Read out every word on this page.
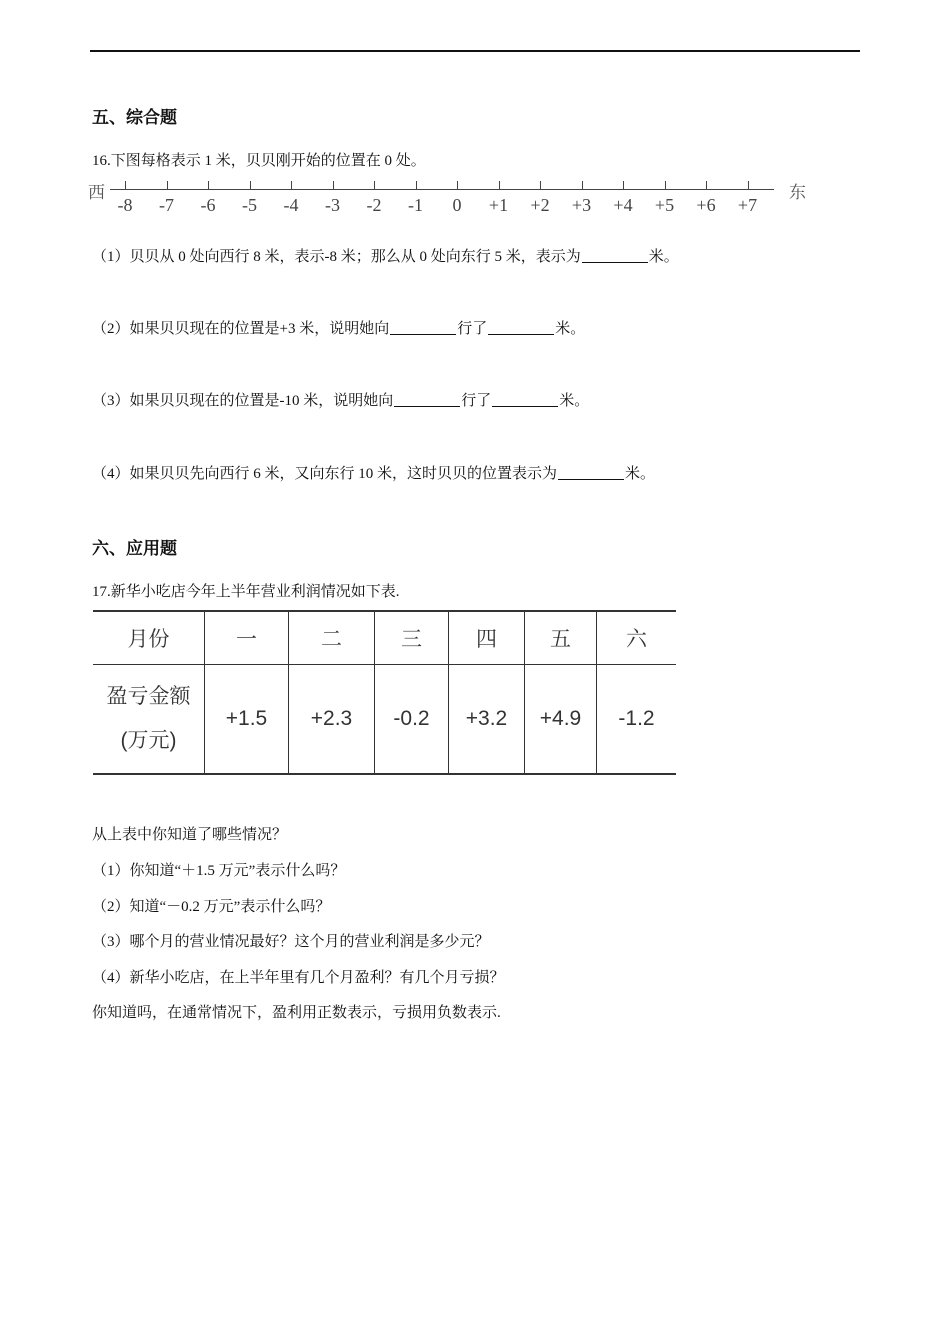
五、综合题
16.下图每格表示 1 米，贝贝刚开始的位置在 0 处。
西	东
-8 -7 -6 -5 -4 -3 -2 -1 0 +1 +2 +3 +4 +5 +6 +7
（1）贝贝从 0 处向西行 8 米，表示-8 米；那么从 0 处向东行 5 米，表示为	米。
（2）如果贝贝现在的位置是+3 米，说明她向	行了	米。
（3）如果贝贝现在的位置是-10 米，说明她向	行了	米。
（4）如果贝贝先向西行 6 米，又向东行 10 米，这时贝贝的位置表示为	米。
六、应用题
17.新华小吃店今年上半年营业利润情况如下表.
月份	一	二	三	四	五	六

盈亏金额
(万元)	+1.5	+2.3	-0.2	+3.2	+4.9	-1.2
从上表中你知道了哪些情况？
（1）你知道“＋1.5 万元”表示什么吗？
（2）知道“－0.2 万元”表示什么吗？
（3）哪个月的营业情况最好？这个月的营业利润是多少元？
（4）新华小吃店，在上半年里有几个月盈利？有几个月亏损？
你知道吗，在通常情况下，盈利用正数表示，亏损用负数表示.
